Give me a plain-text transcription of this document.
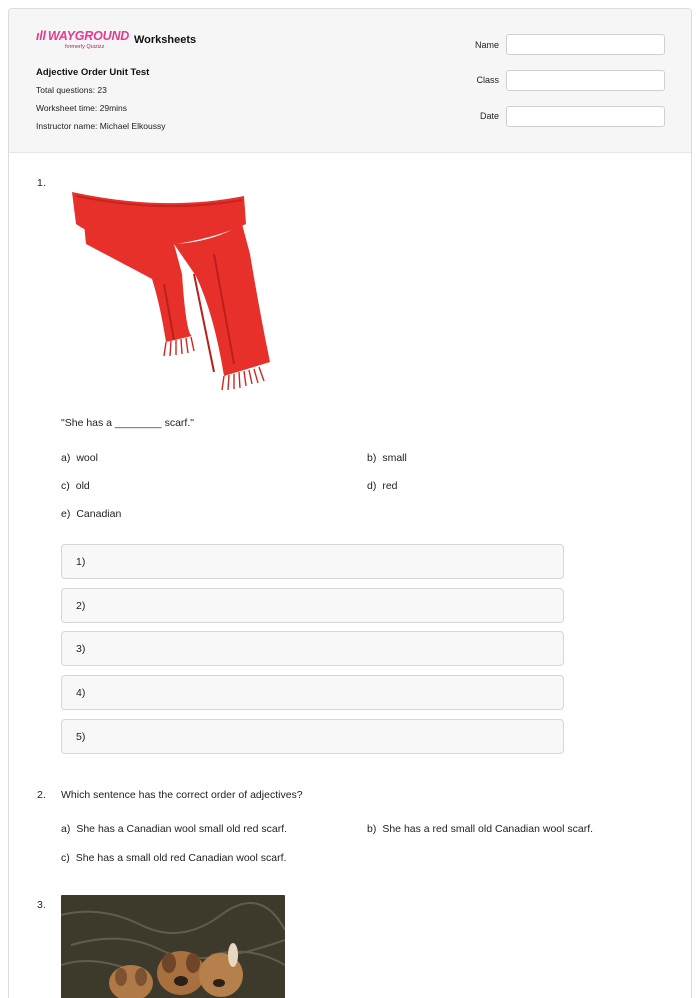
ıll WAYGROUND
formerly Quizizz
Worksheets
Adjective Order Unit Test
Total questions: 23
Worksheet time: 29mins
Instructor name: Michael Elkoussy
Name
Class
Date
1.
"She has a ________ scarf."
a) wool	b) small
c) old	d) red
e) Canadian
1)
2)
3)
4)
5)
2. Which sentence has the correct order of adjectives?
a) She has a Canadian wool small old red scarf.	b) She has a red small old Canadian wool scarf.
c) She has a small old red Canadian wool scarf.
3.
